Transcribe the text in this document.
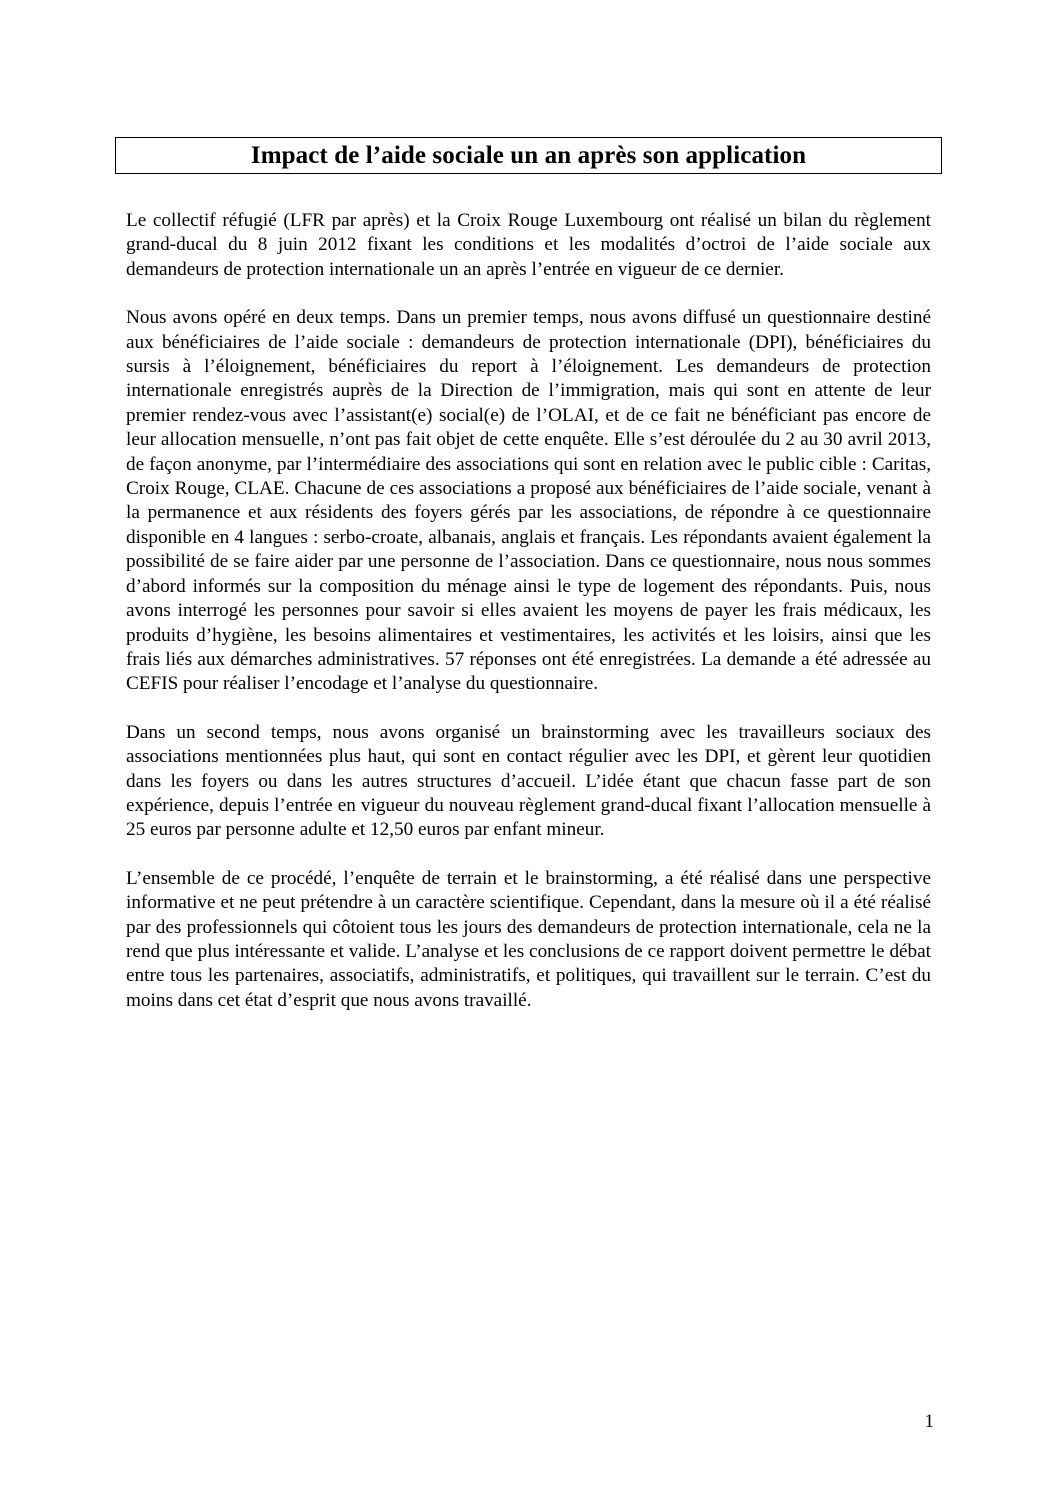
Impact de l’aide sociale un an après son application

Le collectif réfugié (LFR par après) et la Croix Rouge Luxembourg ont réalisé un bilan du règlement grand-ducal du 8 juin 2012 fixant les conditions et les modalités d’octroi de l’aide sociale aux demandeurs de protection internationale un an après l’entrée en vigueur de ce dernier.

Nous avons opéré en deux temps. Dans un premier temps, nous avons diffusé un questionnaire destiné aux bénéficiaires de l’aide sociale : demandeurs de protection internationale (DPI), bénéficiaires du sursis à l’éloignement, bénéficiaires du report à l’éloignement. Les demandeurs de protection internationale enregistrés auprès de la Direction de l’immigration, mais qui sont en attente de leur premier rendez-vous avec l’assistant(e) social(e) de l’OLAI, et de ce fait ne bénéficiant pas encore de leur allocation mensuelle, n’ont pas fait objet de cette enquête. Elle s’est déroulée du 2 au 30 avril 2013, de façon anonyme, par l’intermédiaire des associations qui sont en relation avec le public cible : Caritas, Croix Rouge, CLAE. Chacune de ces associations a proposé aux bénéficiaires de l’aide sociale, venant à la permanence et aux résidents des foyers gérés par les associations, de répondre à ce questionnaire disponible en 4 langues : serbo-croate, albanais, anglais et français. Les répondants avaient également la possibilité de se faire aider par une personne de l’association. Dans ce questionnaire, nous nous sommes d’abord informés sur la composition du ménage ainsi le type de logement des répondants. Puis, nous avons interrogé les personnes pour savoir si elles avaient les moyens de payer les frais médicaux, les produits d’hygiène, les besoins alimentaires et vestimentaires, les activités et les loisirs, ainsi que les frais liés aux démarches administratives. 57 réponses ont été enregistrées. La demande a été adressée au CEFIS pour réaliser l’encodage et l’analyse du questionnaire.

Dans un second temps, nous avons organisé un brainstorming avec les travailleurs sociaux des associations mentionnées plus haut, qui sont en contact régulier avec les DPI, et gèrent leur quotidien dans les foyers ou dans les autres structures d’accueil. L’idée étant que chacun fasse part de son expérience, depuis l’entrée en vigueur du nouveau règlement grand-ducal fixant l’allocation mensuelle à 25 euros par personne adulte et 12,50 euros par enfant mineur.

L’ensemble de ce procédé, l’enquête de terrain et le brainstorming, a été réalisé dans une perspective informative et ne peut prétendre à un caractère scientifique. Cependant, dans la mesure où il a été réalisé par des professionnels qui côtoient tous les jours des demandeurs de protection internationale, cela ne la rend que plus intéressante et valide. L’analyse et les conclusions de ce rapport doivent permettre le débat entre tous les partenaires, associatifs, administratifs, et politiques, qui travaillent sur le terrain. C’est du moins dans cet état d’esprit que nous avons travaillé.

1
